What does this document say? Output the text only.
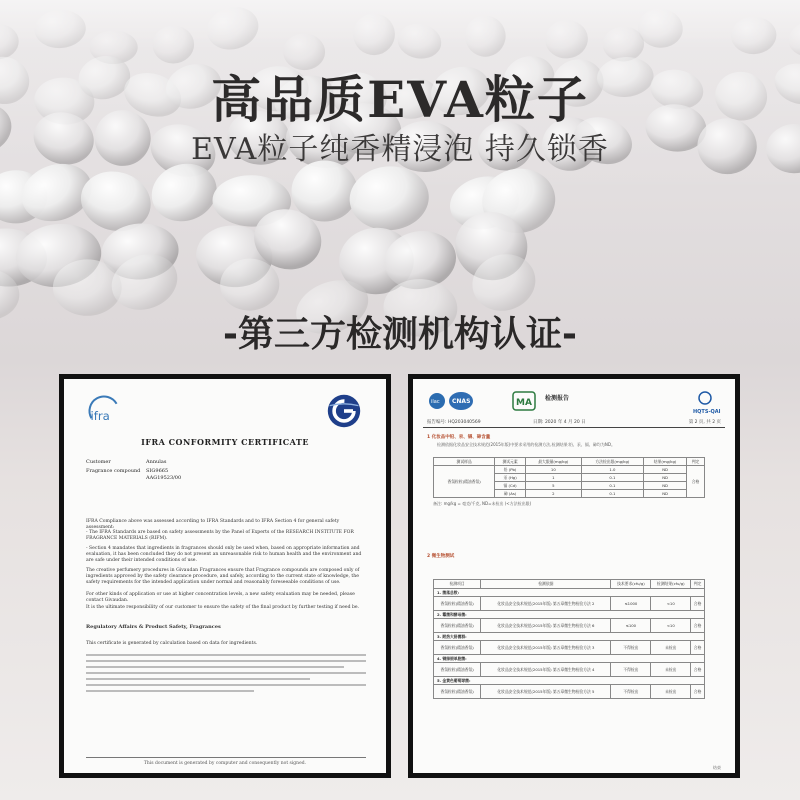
高品质EVA粒子
EVA粒子纯香精浸泡 持久锁香
-第三方检测机构认证-
ifra
IFRA CONFORMITY CERTIFICATE
Customer	Annulas
Fragrance compound SIG9665
AAG19523/00
IFRA Compliance above was assessed according to IFRA Standards and to IFRA Section 4 for general safety assessment:
- The IFRA Standards are based on safety assessments by the Panel of Experts of the RESEARCH INSTITUTE FOR FRAGRANCE MATERIALS (RIFM).
- Section 4 mandates that ingredients in fragrances should only be used when, based on appropriate information and evaluation, it has been concluded they do not present an unreasonable risk to human health and the environment and are safe under their intended conditions of use.
The creative perfumery procedures in Givaudan Fragrances ensure that Fragrance compounds are composed only of ingredients approved by the safety clearance procedure, and safely, according to the current state of knowledge, the safety requirements for the intended application under normal and reasonably foreseeable conditions of use.
For other kinds of application or use at higher concentration levels, a new safety evaluation may be needed, please contact Givaudan.
It is the ultimate responsibility of our customer to ensure the safety of the final product by further testing if need be.
Regulatory Affairs & Product Safety, Fragrances
This certificate is generated by calculation based on data for ingredients.
This document is generated by computer and consequently not signed.
ilac CNAS	MA
HQTS-QAI
检测报告
报告编号: HQ203040569	日期: 2020 年 4 月 20 日	第 2 页, 共 2 页
1 化妆品中铅、汞、镉、砷含量
检测依据化妆品安全技术规范(2015年版)中要求采用的检测方法,检测结果:铅、汞、镉、砷均为ND。
测试样品	测试元素	最大限量(mg/kg)	方法检出限(mg/kg)	结果(mg/kg)	判定
香氛粒粒(精油香氛)	铅 (Pb)	10	1.0	ND	合格
	汞 (Hg)	1	0.1	ND	
	镉 (Cd)	5	0.1	ND	
	砷 (As)	2	0.1	ND	
备注: mg/kg = 毫克/千克, ND=未检出 (<方法检出限)
2 微生物测试
检测项目	检测依据	技术要求(cfu/g)	检测结果(cfu/g)	判定
1. 菌落总数:				
香氛粒粒(精油香氛)	化妆品安全技术规范(2015年版) 第五章微生物检验方法 2	≤1000	<10	合格
2. 霉菌和酵母菌:				
香氛粒粒(精油香氛)	化妆品安全技术规范(2015年版) 第五章微生物检验方法 6	≤100	<10	合格
3. 耐热大肠菌群:				
香氛粒粒(精油香氛)	化妆品安全技术规范(2015年版) 第五章微生物检验方法 3	不得检出	未检出	合格
4. 铜绿假单胞菌:				
香氛粒粒(精油香氛)	化妆品安全技术规范(2015年版) 第五章微生物检验方法 4	不得检出	未检出	合格
5. 金黄色葡萄球菌:				
香氛粒粒(精油香氛)	化妆品安全技术规范(2015年版) 第五章微生物检验方法 5	不得检出	未检出	合格
结束
